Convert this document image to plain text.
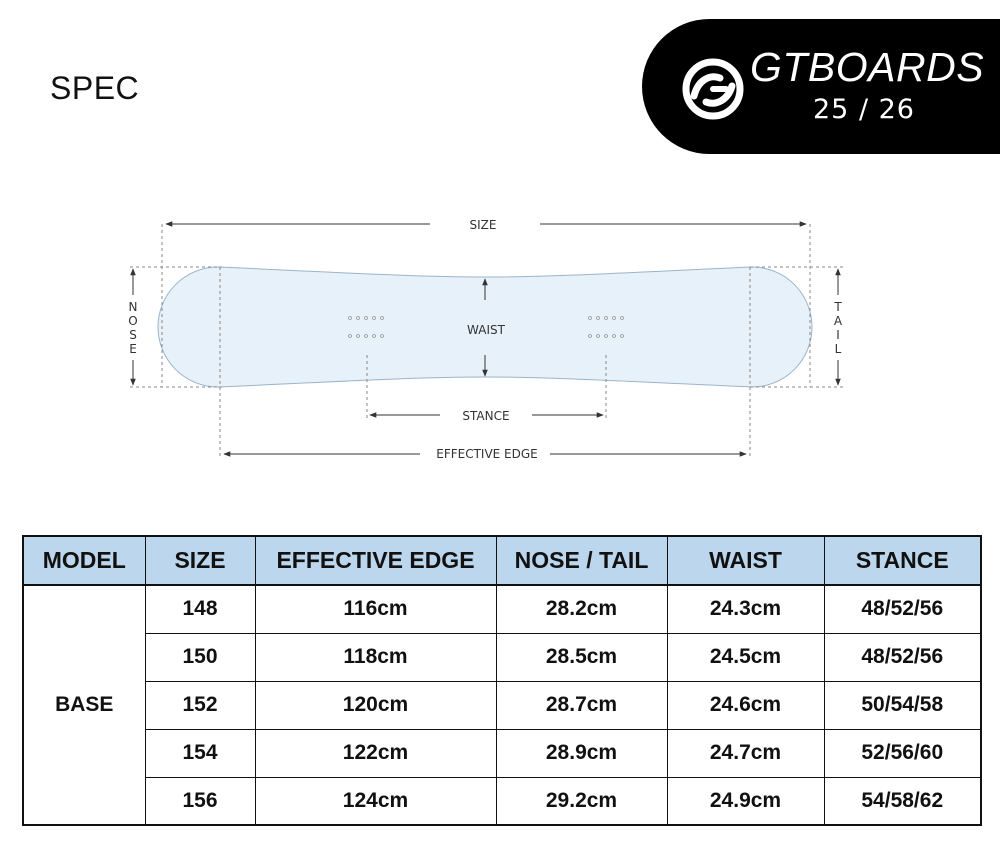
SPEC	GTBOARDS
25 / 26
SIZE
WAIST
STANCE
EFFECTIVE EDGE
N
O
S
E
T
A
I
L
MODEL	SIZE	EFFECTIVE EDGE	NOSE / TAIL	WAIST	STANCE
BASE	148	116cm	28.2cm	24.3cm	48/52/56
	150	118cm	28.5cm	24.5cm	48/52/56
	152	120cm	28.7cm	24.6cm	50/54/58
	154	122cm	28.9cm	24.7cm	52/56/60
	156	124cm	29.2cm	24.9cm	54/58/62
